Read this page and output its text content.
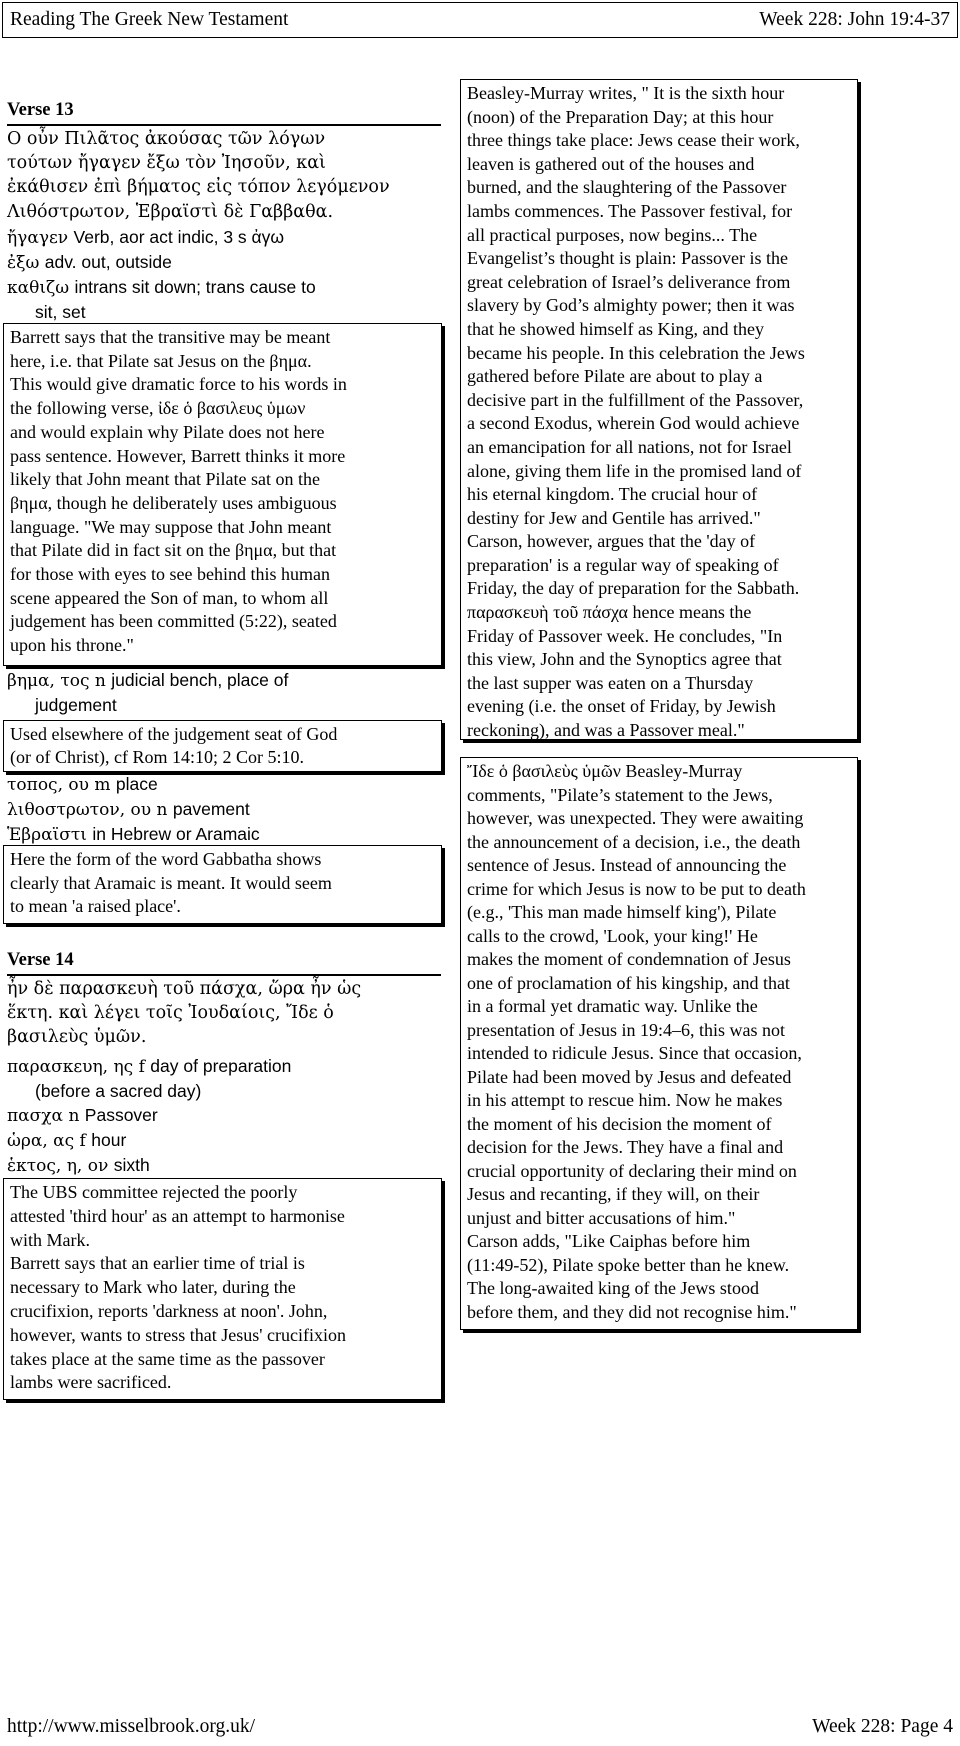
Reading The Greek New Testament	Week 228: John 19:4-37
Verse 13
Ο οὖν Πιλᾶτος ἀκούσας τῶν λόγων
τούτων ἤγαγεν ἔξω τὸν Ἰησοῦν, καὶ
ἐκάθισεν ἐπὶ βήματος εἰς τόπον λεγόμενον
Λιθόστρωτον, Ἑβραϊστὶ δὲ Γαββαθα.
ἤγαγεν Verb, aor act indic, 3 s ἀγω
ἐξω adv. out, outside
καθιζω intrans sit down; trans cause to
sit, set
Barrett says that the transitive may be meant
here, i.e. that Pilate sat Jesus on the βημα.
This would give dramatic force to his words in
the following verse, ἰδε ὁ βασιλευς ὑμων
and would explain why Pilate does not here
pass sentence. However, Barrett thinks it more
likely that John meant that Pilate sat on the
βημα, though he deliberately uses ambiguous
language. "We may suppose that John meant
that Pilate did in fact sit on the βημα, but that
for those with eyes to see behind this human
scene appeared the Son of man, to whom all
judgement has been committed (5:22), seated
upon his throne."
βημα, τος n judicial bench, place of
judgement
Used elsewhere of the judgement seat of God
(or of Christ), cf Rom 14:10; 2 Cor 5:10.
τοπος, ου m place
λιθοστρωτον, ου n pavement
Ἑβραϊστι in Hebrew or Aramaic
Here the form of the word Gabbatha shows
clearly that Aramaic is meant. It would seem
to mean 'a raised place'.
Verse 14
ἦν δὲ παρασκευὴ τοῦ πάσχα, ὥρα ἦν ὡς
ἕκτη. καὶ λέγει τοῖς Ἰουδαίοις, Ἴδε ὁ
βασιλεὺς ὑμῶν.
παρασκευη, ης f day of preparation
(before a sacred day)
πασχα n Passover
ὡρα, ας f hour
ἑκτος, η, ον sixth
The UBS committee rejected the poorly
attested 'third hour' as an attempt to harmonise
with Mark.
Barrett says that an earlier time of trial is
necessary to Mark who later, during the
crucifixion, reports 'darkness at noon'. John,
however, wants to stress that Jesus' crucifixion
takes place at the same time as the passover
lambs were sacrificed.
Beasley-Murray writes, " It is the sixth hour
(noon) of the Preparation Day; at this hour
three things take place: Jews cease their work,
leaven is gathered out of the houses and
burned, and the slaughtering of the Passover
lambs commences. The Passover festival, for
all practical purposes, now begins... The
Evangelist’s thought is plain: Passover is the
great celebration of Israel’s deliverance from
slavery by God’s almighty power; then it was
that he showed himself as King, and they
became his people. In this celebration the Jews
gathered before Pilate are about to play a
decisive part in the fulfillment of the Passover,
a second Exodus, wherein God would achieve
an emancipation for all nations, not for Israel
alone, giving them life in the promised land of
his eternal kingdom. The crucial hour of
destiny for Jew and Gentile has arrived."
Carson, however, argues that the 'day of
preparation' is a regular way of speaking of
Friday, the day of preparation for the Sabbath.
παρασκευὴ τοῦ πάσχα hence means the
Friday of Passover week. He concludes, "In
this view, John and the Synoptics agree that
the last supper was eaten on a Thursday
evening (i.e. the onset of Friday, by Jewish
reckoning), and was a Passover meal."
Ἴδε ὁ βασιλεὺς ὑμῶν Beasley-Murray
comments, "Pilate’s statement to the Jews,
however, was unexpected. They were awaiting
the announcement of a decision, i.e., the death
sentence of Jesus. Instead of announcing the
crime for which Jesus is now to be put to death
(e.g., 'This man made himself king'), Pilate
calls to the crowd, 'Look, your king!' He
makes the moment of condemnation of Jesus
one of proclamation of his kingship, and that
in a formal yet dramatic way. Unlike the
presentation of Jesus in 19:4–6, this was not
intended to ridicule Jesus. Since that occasion,
Pilate had been moved by Jesus and defeated
in his attempt to rescue him. Now he makes
the moment of his decision the moment of
decision for the Jews. They have a final and
crucial opportunity of declaring their mind on
Jesus and recanting, if they will, on their
unjust and bitter accusations of him."
Carson adds, "Like Caiphas before him
(11:49-52), Pilate spoke better than he knew.
The long-awaited king of the Jews stood
before them, and they did not recognise him."
http://www.misselbrook.org.uk/	Week 228: Page 4
